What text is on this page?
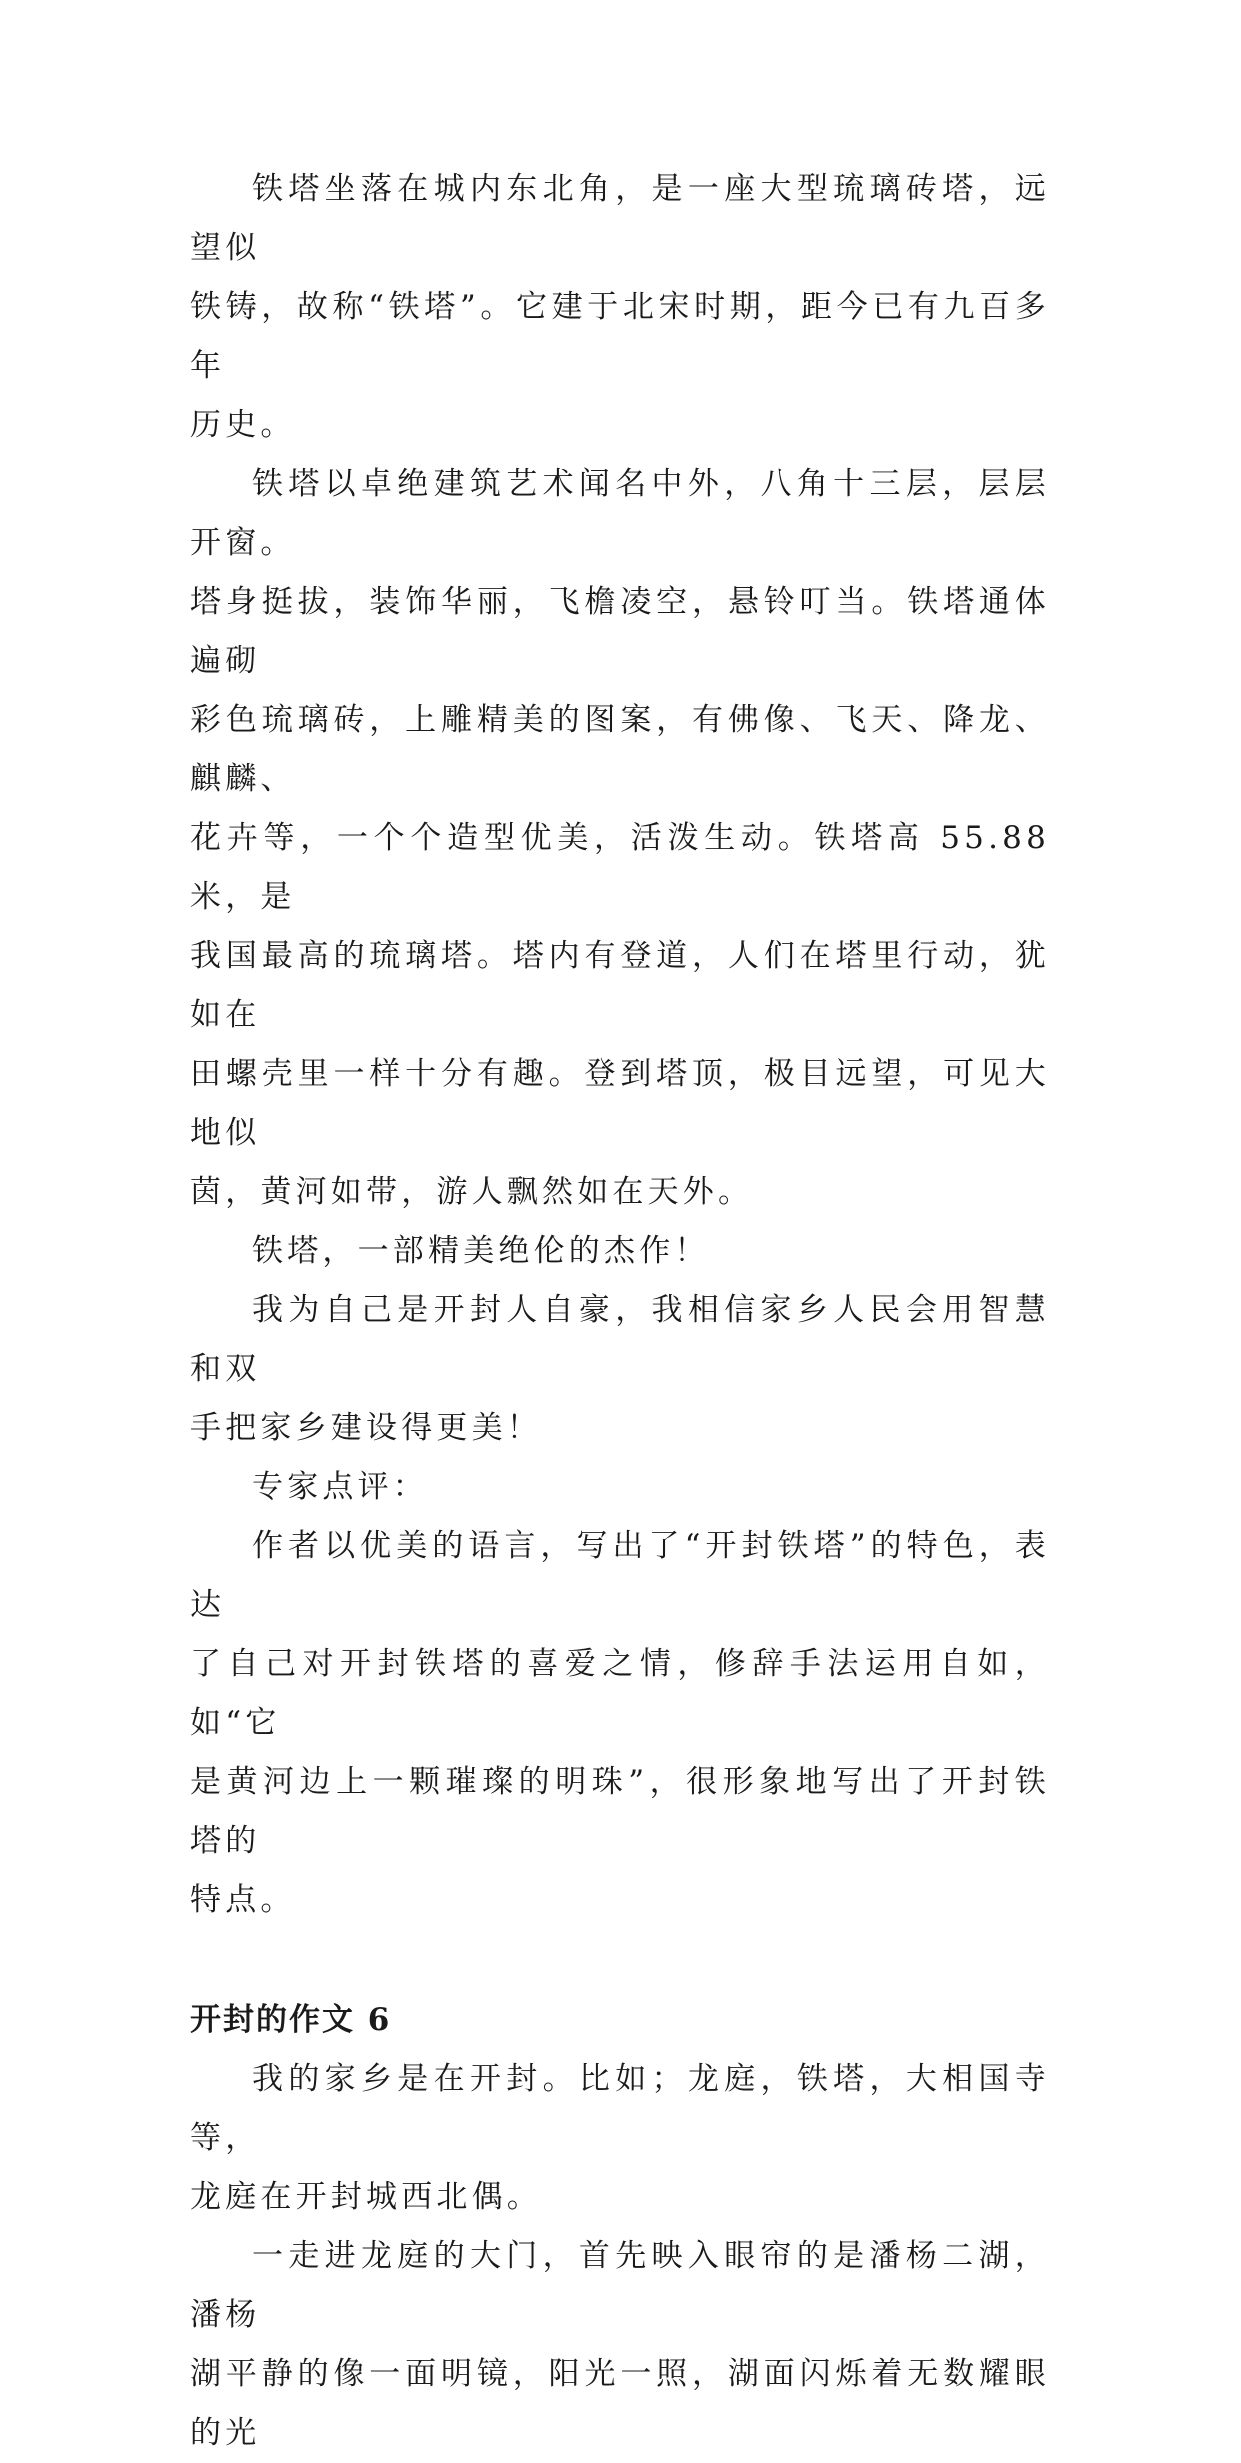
铁塔坐落在城内东北角，是一座大型琉璃砖塔，远望似
铁铸，故称“铁塔”。它建于北宋时期，距今已有九百多年
历史。

铁塔以卓绝建筑艺术闻名中外，八角十三层，层层开窗。
塔身挺拔，装饰华丽，飞檐凌空，悬铃叮当。铁塔通体遍砌
彩色琉璃砖，上雕精美的图案，有佛像、飞天、降龙、麒麟、
花卉等，一个个造型优美，活泼生动。铁塔高 55.88 米，是
我国最高的琉璃塔。塔内有登道，人们在塔里行动，犹如在
田螺壳里一样十分有趣。登到塔顶，极目远望，可见大地似
茵，黄河如带，游人飘然如在天外。

铁塔，一部精美绝伦的杰作！

我为自己是开封人自豪，我相信家乡人民会用智慧和双
手把家乡建设得更美！

专家点评：

作者以优美的语言，写出了“开封铁塔”的特色，表达
了自己对开封铁塔的喜爱之情，修辞手法运用自如，如“它
是黄河边上一颗璀璨的明珠”，很形象地写出了开封铁塔的
特点。

开封的作文 6

我的家乡是在开封。比如；龙庭，铁塔，大相国寺等，
龙庭在开封城西北偶。

一走进龙庭的大门，首先映入眼帘的是潘杨二湖，潘杨
湖平静的像一面明镜，阳光一照，湖面闪烁着无数耀眼的光
